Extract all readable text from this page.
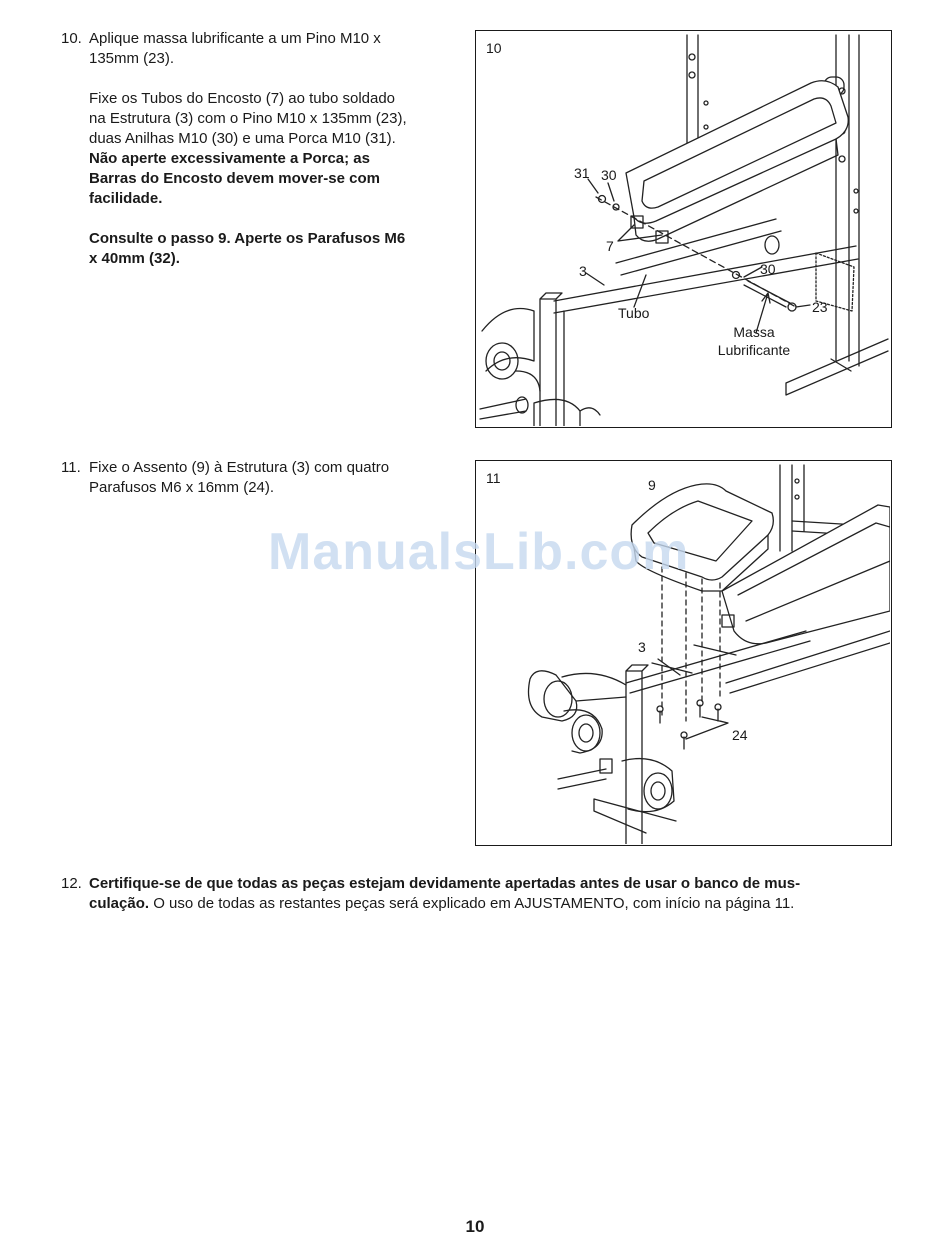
10. Aplique massa lubrificante a um Pino M10 x
135mm (23).

Fixe os Tubos do Encosto (7) ao tubo soldado
na Estrutura (3) com o Pino M10 x 135mm (23),
duas Anilhas M10 (30) e uma Porca M10 (31).
Não aperte excessivamente a Porca; as
Barras do Encosto devem mover-se com
facilidade.

Consulte o passo 9. Aperte os Parafusos M6
x 40mm (32).

10
31 30
7
3	30
23
Tubo
Massa
Lubrificante
11. Fixe o Assento (9) à Estrutura (3) com quatro
Parafusos M6 x 16mm (24).

11	9
3
24
12. Certifique-se de que todas as peças estejam devidamente apertadas antes de usar o banco de mus-
culação. O uso de todas as restantes peças será explicado em AJUSTAMENTO, com início na página 11.

ManualsLib.com
10
